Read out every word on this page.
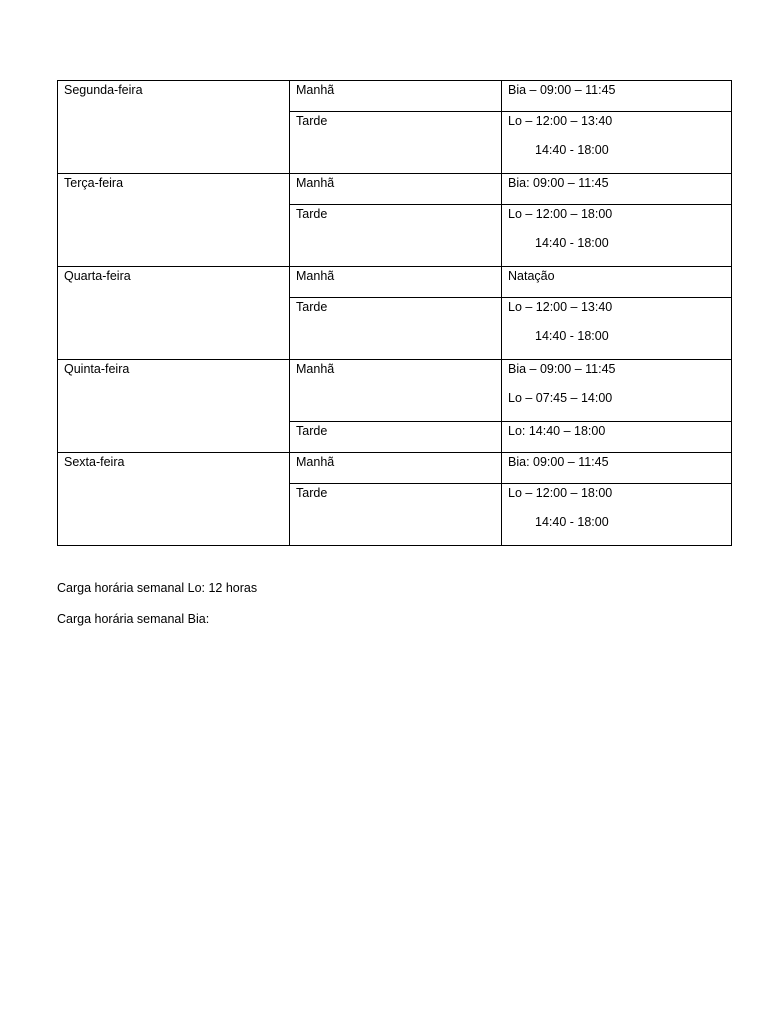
Segunda-feira	Manhã	Bia – 09:00 – 11:45

	Tarde	Lo – 12:00 – 13:40
14:40 - 18:00

Terça-feira	Manhã	Bia: 09:00 – 11:45

	Tarde	Lo – 12:00 – 18:00
14:40 - 18:00

Quarta-feira	Manhã	Natação

	Tarde	Lo – 12:00 – 13:40
14:40 - 18:00

Quinta-feira	Manhã	Bia – 09:00 – 11:45
Lo – 07:45 – 14:00

	Tarde	Lo: 14:40 – 18:00

Sexta-feira	Manhã	Bia: 09:00 – 11:45

	Tarde	Lo – 12:00 – 18:00
14:40 - 18:00
Carga horária semanal Lo: 12 horas
Carga horária semanal Bia:
